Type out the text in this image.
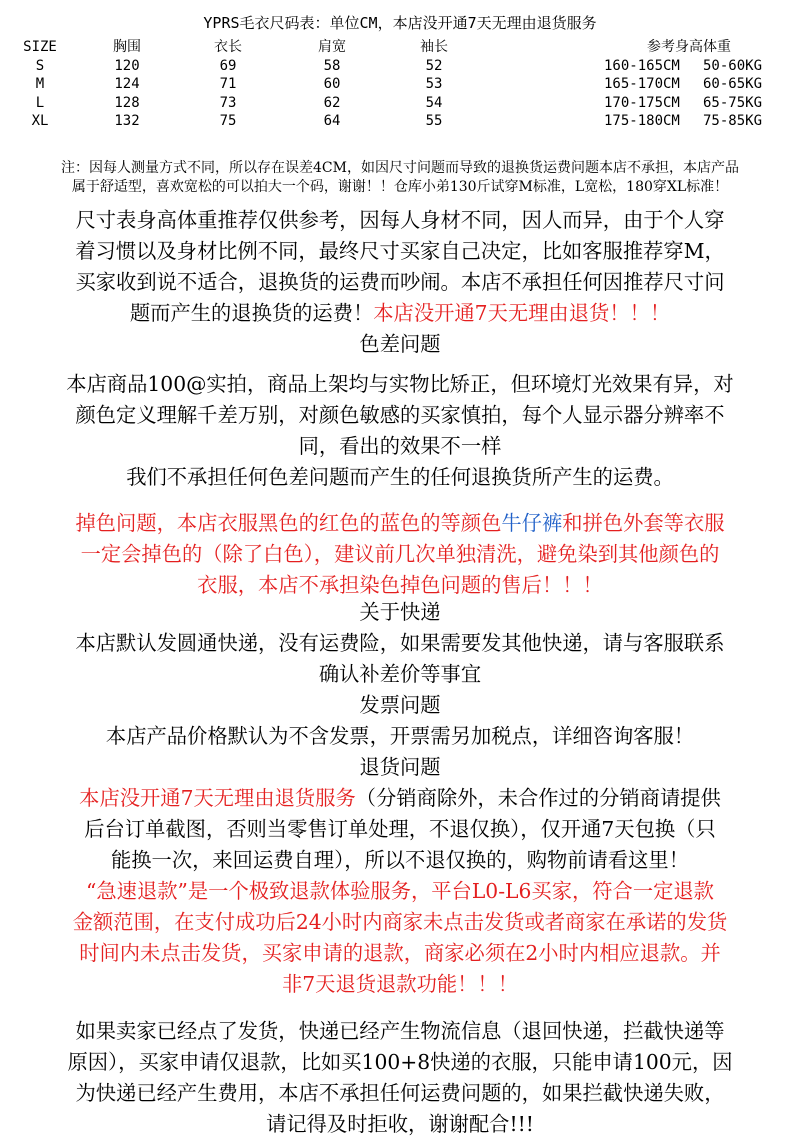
YPRS毛衣尺码表：单位CM，本店没开通7天无理由退货服务
SIZE	胸围	衣长	肩宽	袖长	参考身高体重
S	120	69	58	52	160-165CM 50-60KG
M	124	71	60	53	165-170CM 60-65KG
L	128	73	62	54	170-175CM 65-75KG
XL	132	75	64	55	175-180CM 75-85KG
注：因每人测量方式不同，所以存在误差4CM，如因尺寸问题而导致的退换货运费问题本店不承担，本店产品
属于舒适型，喜欢宽松的可以拍大一个码，谢谢！！仓库小弟130斤试穿M标准，L宽松，180穿XL标准！
尺寸表身高体重推荐仅供参考，因每人身材不同，因人而异，由于个人穿
着习惯以及身材比例不同，最终尺寸买家自己决定，比如客服推荐穿M，
买家收到说不适合，退换货的运费而吵闹。本店不承担任何因推荐尺寸问
题而产生的退换货的运费！本店没开通7天无理由退货！！！
色差问题
本店商品100@实拍，商品上架均与实物比矫正，但环境灯光效果有异，对
颜色定义理解千差万别，对颜色敏感的买家慎拍，每个人显示器分辨率不
同，看出的效果不一样
我们不承担任何色差问题而产生的任何退换货所产生的运费。
掉色问题，本店衣服黑色的红色的蓝色的等颜色牛仔裤和拼色外套等衣服
一定会掉色的（除了白色），建议前几次单独清洗，避免染到其他颜色的
衣服，本店不承担染色掉色问题的售后！！！
关于快递
本店默认发圆通快递，没有运费险，如果需要发其他快递，请与客服联系
确认补差价等事宜
发票问题
本店产品价格默认为不含发票，开票需另加税点，详细咨询客服！
退货问题
本店没开通7天无理由退货服务（分销商除外，未合作过的分销商请提供
后台订单截图，否则当零售订单处理，不退仅换），仅开通7天包换（只
能换一次，来回运费自理），所以不退仅换的，购物前请看这里！
“急速退款”是一个极致退款体验服务，平台L0-L6买家，符合一定退款
金额范围，在支付成功后24小时内商家未点击发货或者商家在承诺的发货
时间内未点击发货，买家申请的退款，商家必须在2小时内相应退款。并
非7天退货退款功能！！！
如果卖家已经点了发货，快递已经产生物流信息（退回快递，拦截快递等
原因），买家申请仅退款，比如买100+8快递的衣服，只能申请100元，因
为快递已经产生费用，本店不承担任何运费问题的，如果拦截快递失败，
请记得及时拒收，谢谢配合!!!
